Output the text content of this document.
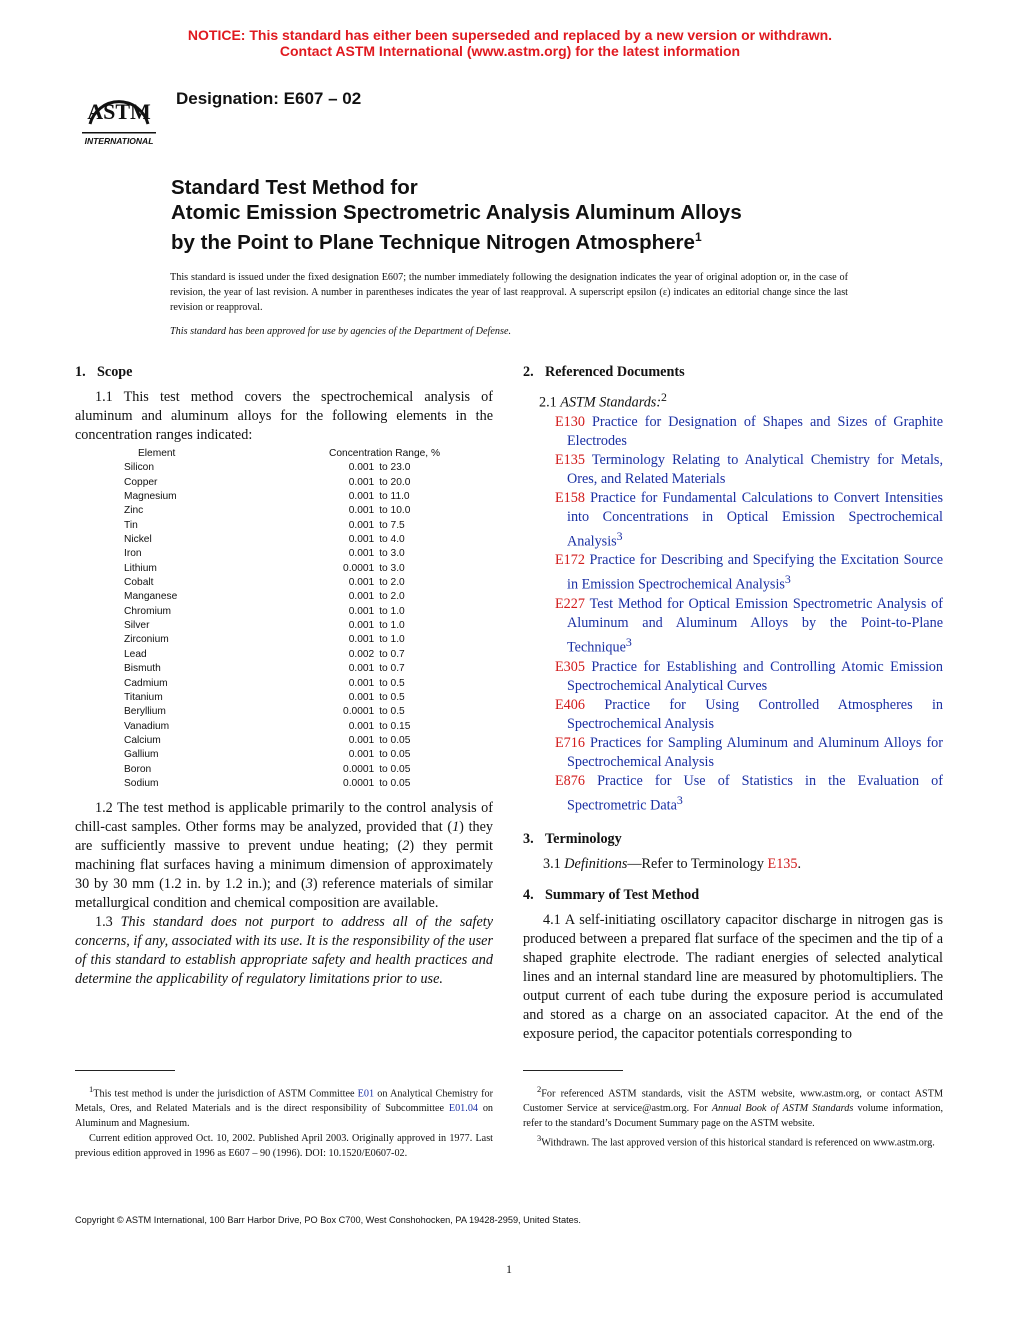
NOTICE: This standard has either been superseded and replaced by a new version or withdrawn.
Contact ASTM International (www.astm.org) for the latest information
ASTM
INTERNATIONAL
Designation: E607 – 02
Standard Test Method for
Atomic Emission Spectrometric Analysis Aluminum Alloys
by the Point to Plane Technique Nitrogen Atmosphere$^1$
This standard is issued under the fixed designation E607; the number immediately following the designation indicates the year of original adoption or, in the case of revision, the year of last revision. A number in parentheses indicates the year of last reapproval. A superscript epsilon (ε) indicates an editorial change since the last revision or reapproval.
This standard has been approved for use by agencies of the Department of Defense.
1. Scope

1.1 This test method covers the spectrochemical analysis of aluminum and aluminum alloys for the following elements in the concentration ranges indicated:

Element	Concentration Range, %
Silicon	0.001 to 23.0
Copper	0.001 to 20.0
Magnesium	0.001 to 11.0
Zinc	0.001 to 10.0
Tin	0.001 to 7.5
Nickel	0.001 to 4.0
Iron	0.001 to 3.0
Lithium	0.0001 to 3.0
Cobalt	0.001 to 2.0
Manganese	0.001 to 2.0
Chromium	0.001 to 1.0
Silver	0.001 to 1.0
Zirconium	0.001 to 1.0
Lead	0.002 to 0.7
Bismuth	0.001 to 0.7
Cadmium	0.001 to 0.5
Titanium	0.001 to 0.5
Beryllium	0.0001 to 0.5
Vanadium	0.001 to 0.15
Calcium	0.001 to 0.05
Gallium	0.001 to 0.05
Boron	0.0001 to 0.05
Sodium	0.0001 to 0.05

1.2 The test method is applicable primarily to the control analysis of chill-cast samples. Other forms may be analyzed, provided that (1) they are sufficiently massive to prevent undue heating; (2) they permit machining flat surfaces having a minimum dimension of approximately 30 by 30 mm (1.2 in. by 1.2 in.); and (3) reference materials of similar metallurgical condition and chemical composition are available.

1.3 This standard does not purport to address all of the safety concerns, if any, associated with its use. It is the responsibility of the user of this standard to establish appropriate safety and health practices and determine the applicability of regulatory limitations prior to use.

2. Referenced Documents
2.1 ASTM Standards:$^2$
E130 Practice for Designation of Shapes and Sizes of Graphite Electrodes
E135 Terminology Relating to Analytical Chemistry for Metals, Ores, and Related Materials
E158 Practice for Fundamental Calculations to Convert Intensities into Concentrations in Optical Emission Spectrochemical Analysis$^3$
E172 Practice for Describing and Specifying the Excitation Source in Emission Spectrochemical Analysis$^3$
E227 Test Method for Optical Emission Spectrometric Analysis of Aluminum and Aluminum Alloys by the Point-to-Plane Technique$^3$
E305 Practice for Establishing and Controlling Atomic Emission Spectrochemical Analytical Curves
E406 Practice for Using Controlled Atmospheres in Spectrochemical Analysis
E716 Practices for Sampling Aluminum and Aluminum Alloys for Spectrochemical Analysis
E876 Practice for Use of Statistics in the Evaluation of Spectrometric Data$^3$
3. Terminology

3.1 Definitions—Refer to Terminology E135.

4. Summary of Test Method

4.1 A self-initiating oscillatory capacitor discharge in nitrogen gas is produced between a prepared flat surface of the specimen and the tip of a shaped graphite electrode. The radiant energies of selected analytical lines and an internal standard line are measured by photomultipliers. The output current of each tube during the exposure period is accumulated and stored as a charge on an associated capacitor. At the end of the exposure period, the capacitor potentials corresponding to

$^1$This test method is under the jurisdiction of ASTM Committee E01 on Analytical Chemistry for Metals, Ores, and Related Materials and is the direct responsibility of Subcommittee E01.04 on Aluminum and Magnesium.
Current edition approved Oct. 10, 2002. Published April 2003. Originally approved in 1977. Last previous edition approved in 1996 as E607 – 90 (1996). DOI: 10.1520/E0607-02.
$^2$For referenced ASTM standards, visit the ASTM website, www.astm.org, or contact ASTM Customer Service at service@astm.org. For Annual Book of ASTM Standards volume information, refer to the standard’s Document Summary page on the ASTM website.
$^3$Withdrawn. The last approved version of this historical standard is referenced on www.astm.org.
Copyright © ASTM International, 100 Barr Harbor Drive, PO Box C700, West Conshohocken, PA 19428-2959, United States.
1
